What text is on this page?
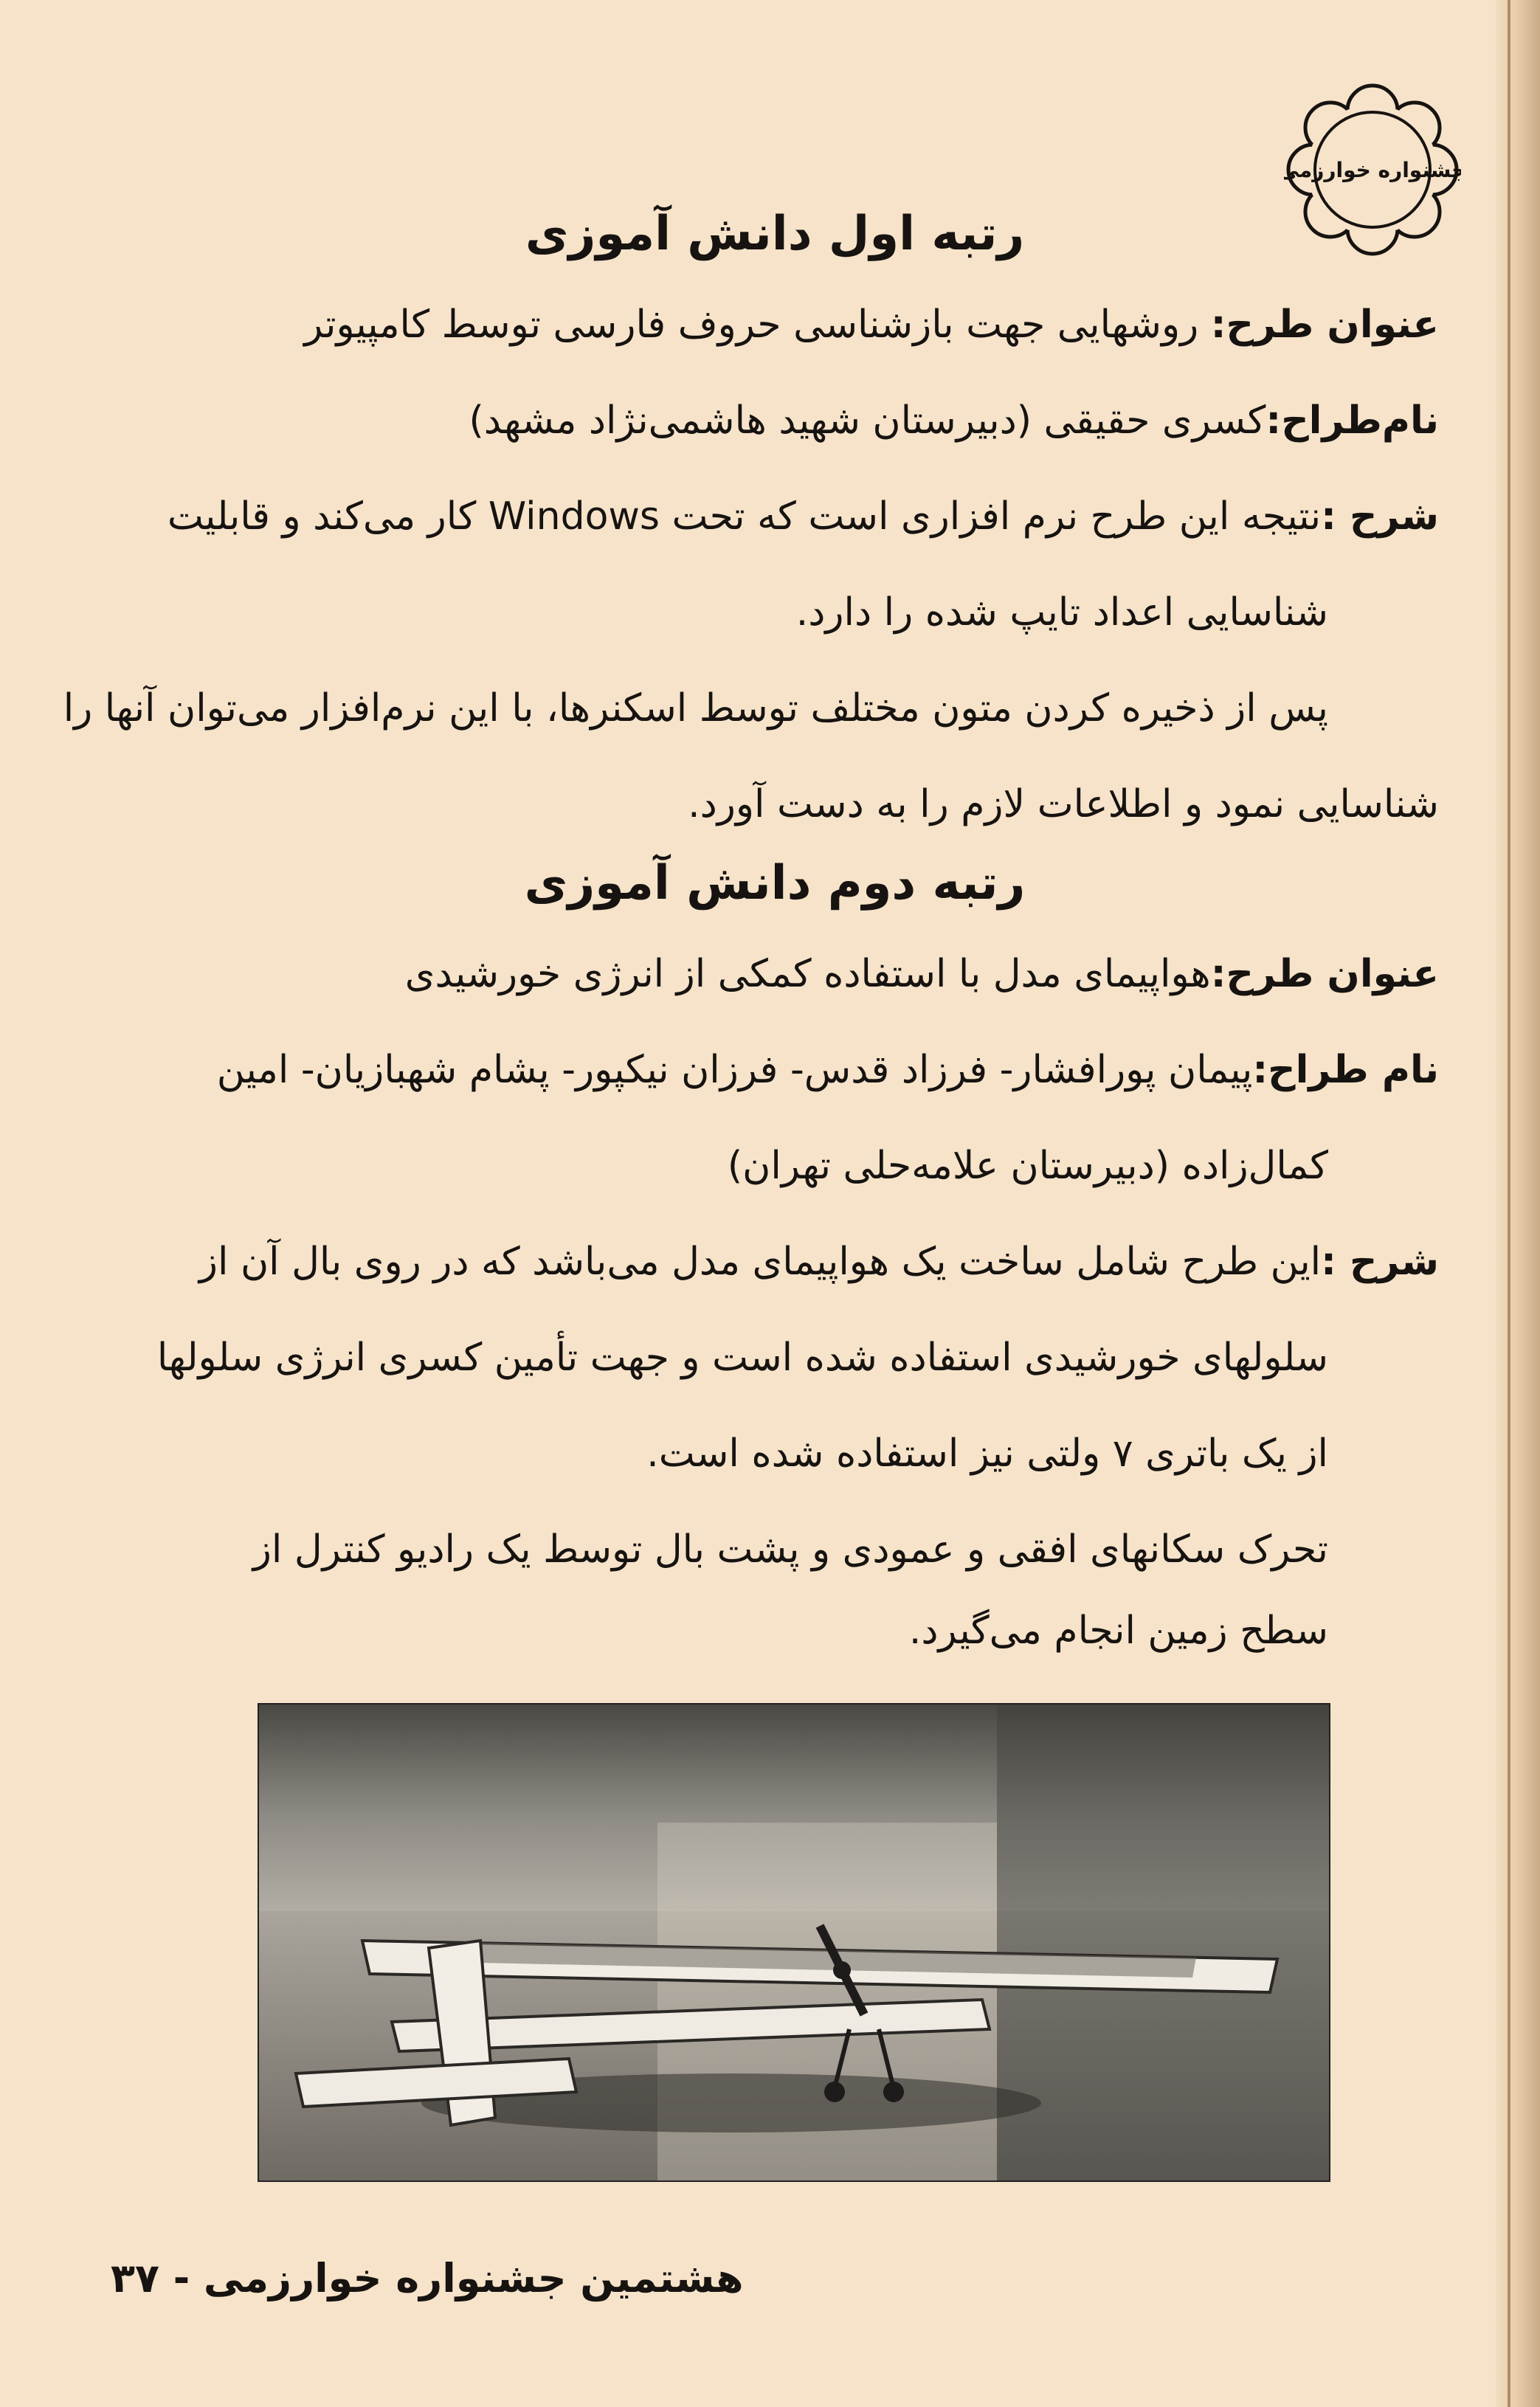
جشنواره خوارزمی
رتبه اول دانش آموزی
عنوان طرح: روشهایی جهت بازشناسی حروف فارسی توسط کامپیوتر
نام‌طراح:کسری حقیقی (دبیرستان شهید هاشمی‌نژاد مشهد)
شرح :نتیجه این طرح نرم افزاری است که تحت Windows کار می‌کند و قابلیت
شناسایی اعداد تایپ شده را دارد.
پس از ذخیره کردن متون مختلف توسط اسکنرها، با این نرم‌افزار می‌توان آنها را
شناسایی نمود و اطلاعات لازم را به دست آورد.
رتبه دوم دانش آموزی
عنوان طرح:هواپیمای مدل با استفاده کمکی از انرژی خورشیدی
نام طراح:پیمان پورافشار- فرزاد قدس- فرزان نیکپور- پشام شهبازیان- امین
کمال‌زاده (دبیرستان علامه‌حلی تهران)
شرح :این طرح شامل ساخت یک هواپیمای مدل می‌باشد که در روی بال آن از
سلولهای خورشیدی استفاده شده است و جهت تأمین کسری انرژی سلولها
از یک باتری ۷ ولتی نیز استفاده شده است.
تحرک سکانهای افقی و عمودی و پشت بال توسط یک رادیو کنترل از
سطح زمین انجام می‌گیرد.
هشتمین جشنواره خوارزمی - ۳۷
